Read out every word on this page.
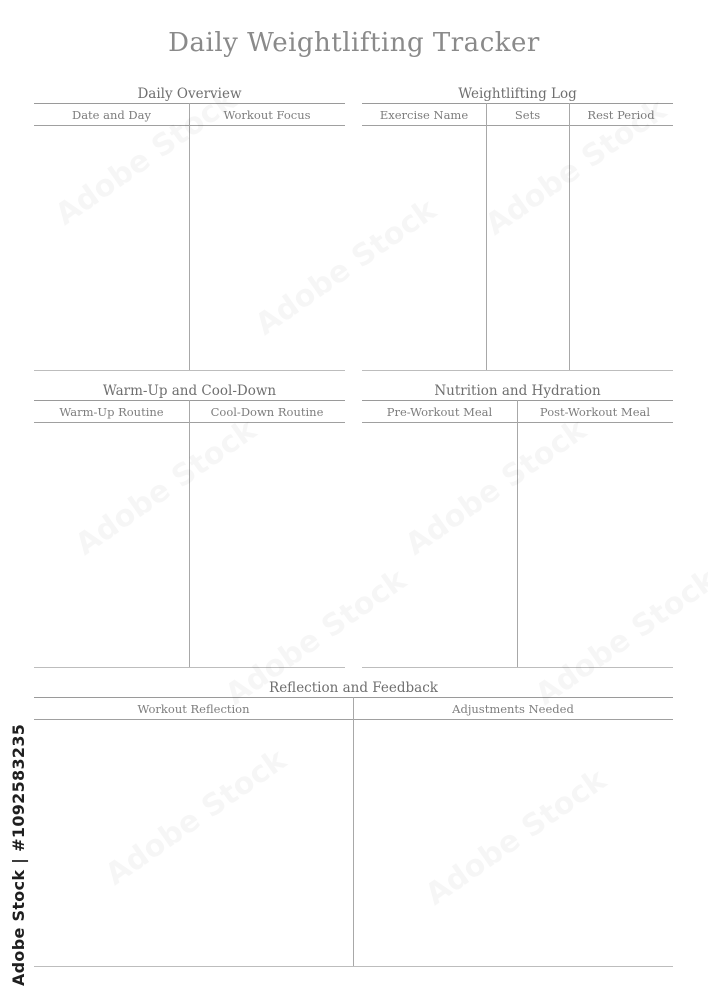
Daily Weightlifting Tracker
Daily Overview
Date and Day	Workout Focus
Weightlifting Log
Exercise Name	Sets	Rest Period
Warm-Up and Cool-Down
Warm-Up Routine	Cool-Down Routine
Nutrition and Hydration
Pre-Workout Meal	Post-Workout Meal
Reflection and Feedback
Workout Reflection	Adjustments Needed
Adobe Stock | #1092583235
